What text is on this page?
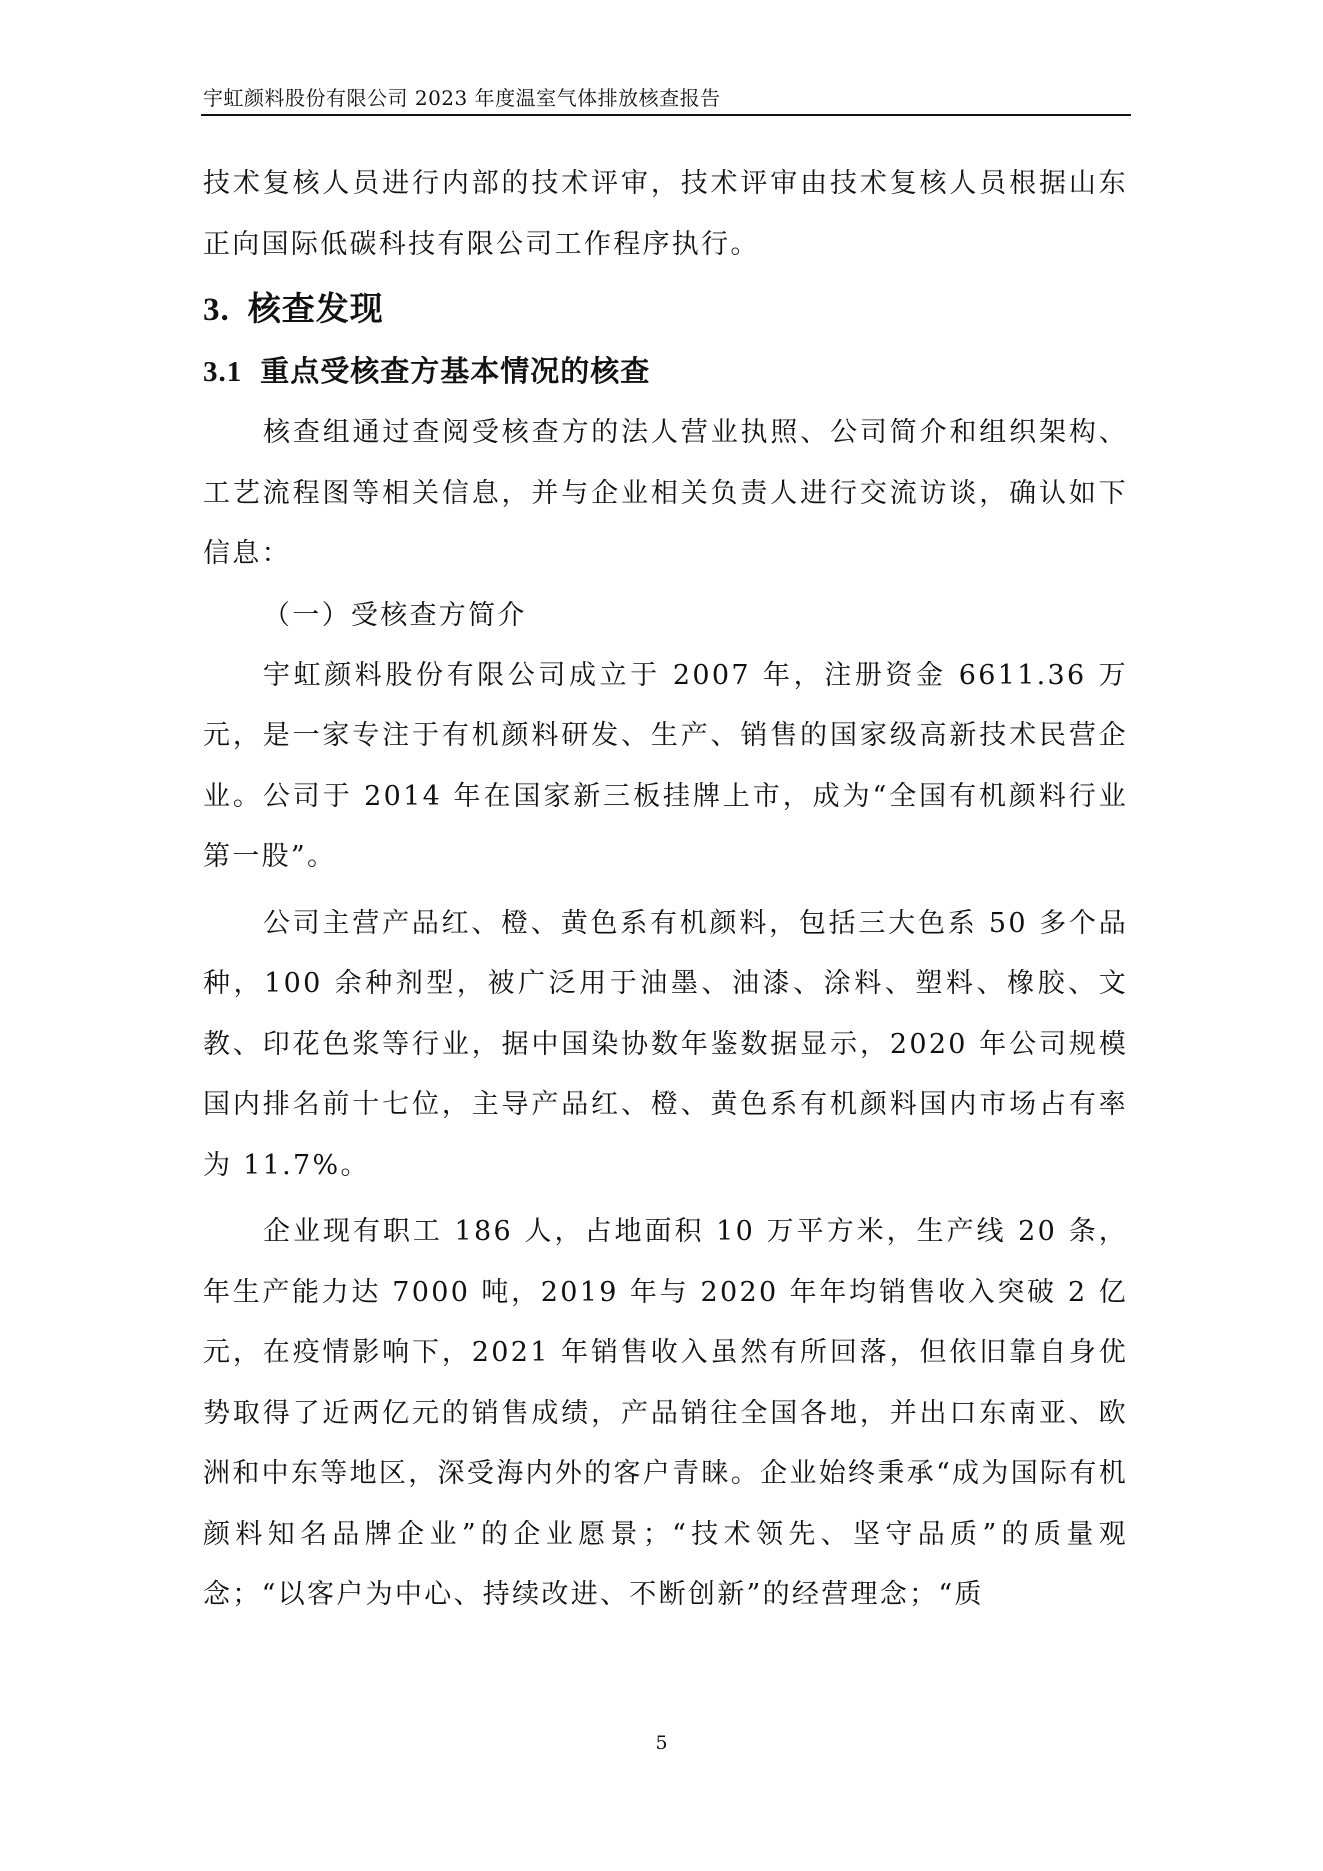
宇虹颜料股份有限公司 2023 年度温室气体排放核查报告

技术复核人员进行内部的技术评审，技术评审由技术复核人员根据山东正向国际低碳科技有限公司工作程序执行。

3. 核查发现
3.1 重点受核查方基本情况的核查

核查组通过查阅受核查方的法人营业执照、公司简介和组织架构、工艺流程图等相关信息，并与企业相关负责人进行交流访谈，确认如下信息：

（一）受核查方简介

宇虹颜料股份有限公司成立于 2007 年，注册资金 6611.36 万元，是一家专注于有机颜料研发、生产、销售的国家级高新技术民营企业。公司于 2014 年在国家新三板挂牌上市，成为“全国有机颜料行业第一股”。

公司主营产品红、橙、黄色系有机颜料，包括三大色系 50 多个品种，100 余种剂型，被广泛用于油墨、油漆、涂料、塑料、橡胶、文教、印花色浆等行业，据中国染协数年鉴数据显示，2020 年公司规模国内排名前十七位，主导产品红、橙、黄色系有机颜料国内市场占有率为 11.7%。

企业现有职工 186 人，占地面积 10 万平方米，生产线 20 条，年生产能力达 7000 吨，2019 年与 2020 年年均销售收入突破 2 亿元，在疫情影响下，2021 年销售收入虽然有所回落，但依旧靠自身优势取得了近两亿元的销售成绩，产品销往全国各地，并出口东南亚、欧洲和中东等地区，深受海内外的客户青睐。企业始终秉承“成为国际有机颜料知名品牌企业”的企业愿景；“技术领先、坚守品质”的质量观念；“以客户为中心、持续改进、不断创新”的经营理念；“质

5
